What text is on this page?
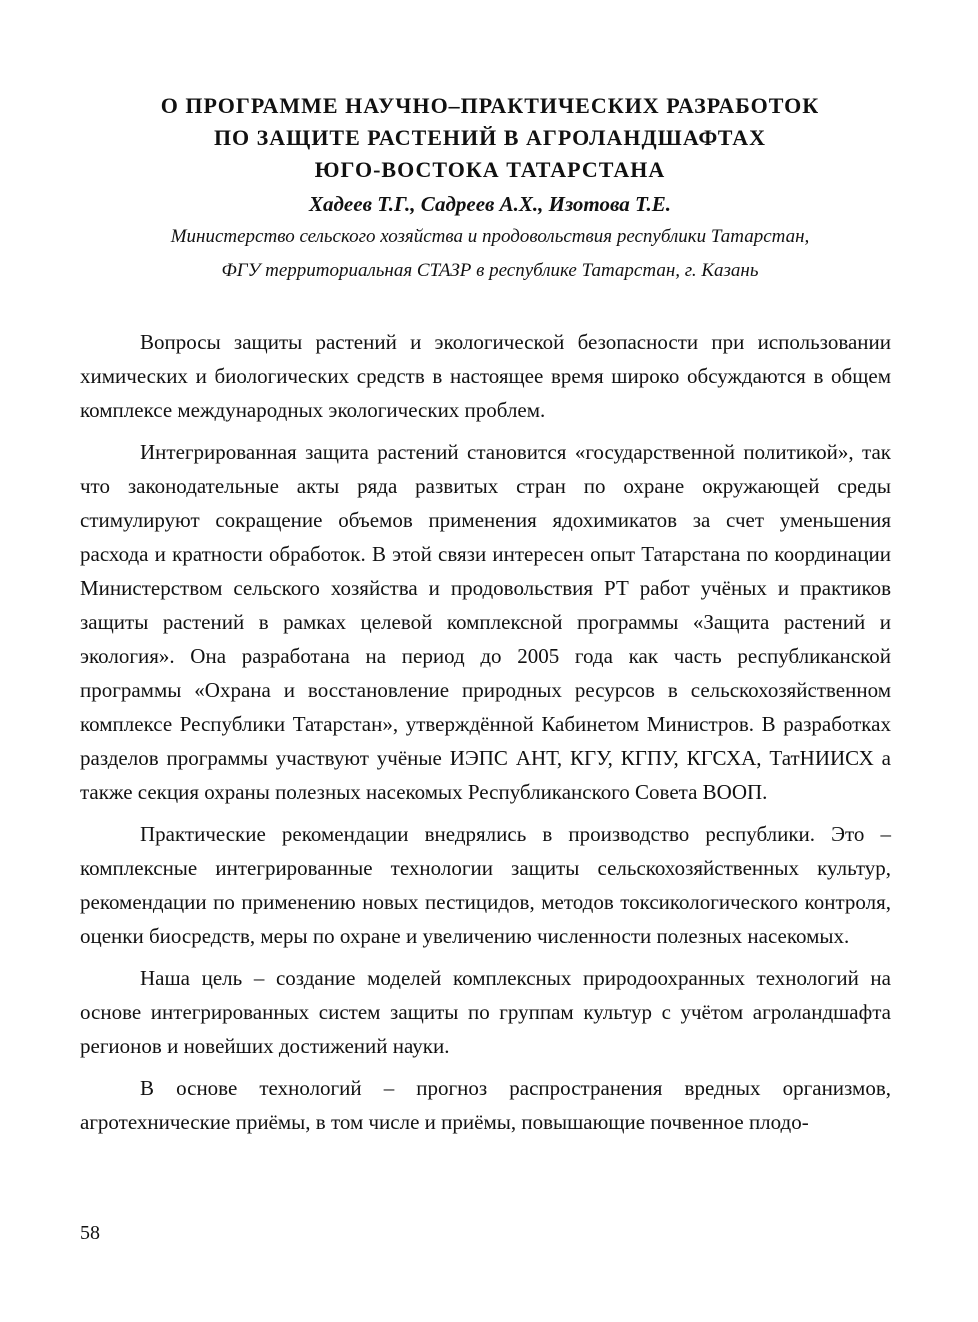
О ПРОГРАММЕ НАУЧНО–ПРАКТИЧЕСКИХ РАЗРАБОТОК
ПО ЗАЩИТЕ РАСТЕНИЙ В АГРОЛАНДШАФТАХ
ЮГО-ВОСТОКА ТАТАРСТАНА
Хадеев Т.Г., Садреев А.Х., Изотова Т.Е.
Министерство сельского хозяйства и продовольствия республики Татарстан,
ФГУ территориальная СТАЗР в республике Татарстан, г. Казань

Вопросы защиты растений и экологической безопасности при использовании химических и биологических средств в настоящее время широко обсуждаются в общем комплексе международных экологических проблем.

Интегрированная защита растений становится «государственной политикой», так что законодательные акты ряда развитых стран по охране окружающей среды стимулируют сокращение объемов применения ядохимикатов за счет уменьшения расхода и кратности обработок. В этой связи интересен опыт Татарстана по координации Министерством сельского хозяйства и продовольствия РТ работ учёных и практиков защиты растений в рамках целевой комплексной программы «Защита растений и экология». Она разработана на период до 2005 года как часть республиканской программы «Охрана и восстановление природных ресурсов в сельскохозяйственном комплексе Республики Татарстан», утверждённой Кабинетом Министров. В разработках разделов программы участвуют учёные ИЭПС АНТ, КГУ, КГПУ, КГСХА, ТатНИИСХ а также секция охраны полезных насекомых Республиканского Совета ВООП.

Практические рекомендации внедрялись в производство республики. Это – комплексные интегрированные технологии защиты сельскохозяйственных культур, рекомендации по применению новых пестицидов, методов токсикологического контроля, оценки биосредств, меры по охране и увеличению численности полезных насекомых.

Наша цель – создание моделей комплексных природоохранных технологий на основе интегрированных систем защиты по группам культур с учётом агроландшафта регионов и новейших достижений науки.

В основе технологий – прогноз распространения вредных организмов, агротехнические приёмы, в том числе и приёмы, повышающие почвенное плодо-

58
